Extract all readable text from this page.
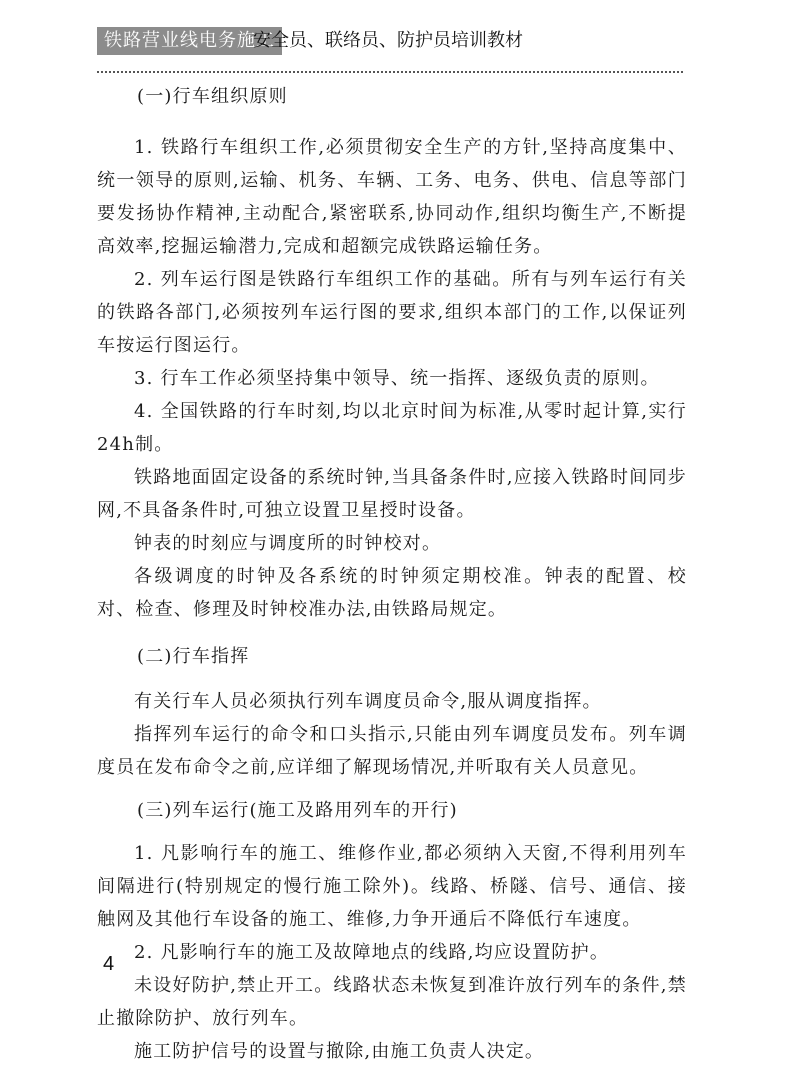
铁路营业线电务施工
安全员、联络员、防护员培训教材

(一)行车组织原则

1. 铁路行车组织工作,必须贯彻安全生产的方针,坚持高度集中、统一领导的原则,运输、机务、车辆、工务、电务、供电、信息等部门要发扬协作精神,主动配合,紧密联系,协同动作,组织均衡生产,不断提高效率,挖掘运输潜力,完成和超额完成铁路运输任务。

2. 列车运行图是铁路行车组织工作的基础。所有与列车运行有关的铁路各部门,必须按列车运行图的要求,组织本部门的工作,以保证列车按运行图运行。

3. 行车工作必须坚持集中领导、统一指挥、逐级负责的原则。

4. 全国铁路的行车时刻,均以北京时间为标准,从零时起计算,实行24h制。

铁路地面固定设备的系统时钟,当具备条件时,应接入铁路时间同步网,不具备条件时,可独立设置卫星授时设备。

钟表的时刻应与调度所的时钟校对。

各级调度的时钟及各系统的时钟须定期校准。钟表的配置、校对、检查、修理及时钟校准办法,由铁路局规定。

(二)行车指挥

有关行车人员必须执行列车调度员命令,服从调度指挥。

指挥列车运行的命令和口头指示,只能由列车调度员发布。列车调度员在发布命令之前,应详细了解现场情况,并听取有关人员意见。

(三)列车运行(施工及路用列车的开行)

1. 凡影响行车的施工、维修作业,都必须纳入天窗,不得利用列车间隔进行(特别规定的慢行施工除外)。线路、桥隧、信号、通信、接触网及其他行车设备的施工、维修,力争开通后不降低行车速度。

2. 凡影响行车的施工及故障地点的线路,均应设置防护。

未设好防护,禁止开工。线路状态未恢复到准许放行列车的条件,禁止撤除防护、放行列车。

施工防护信号的设置与撤除,由施工负责人决定。

4
